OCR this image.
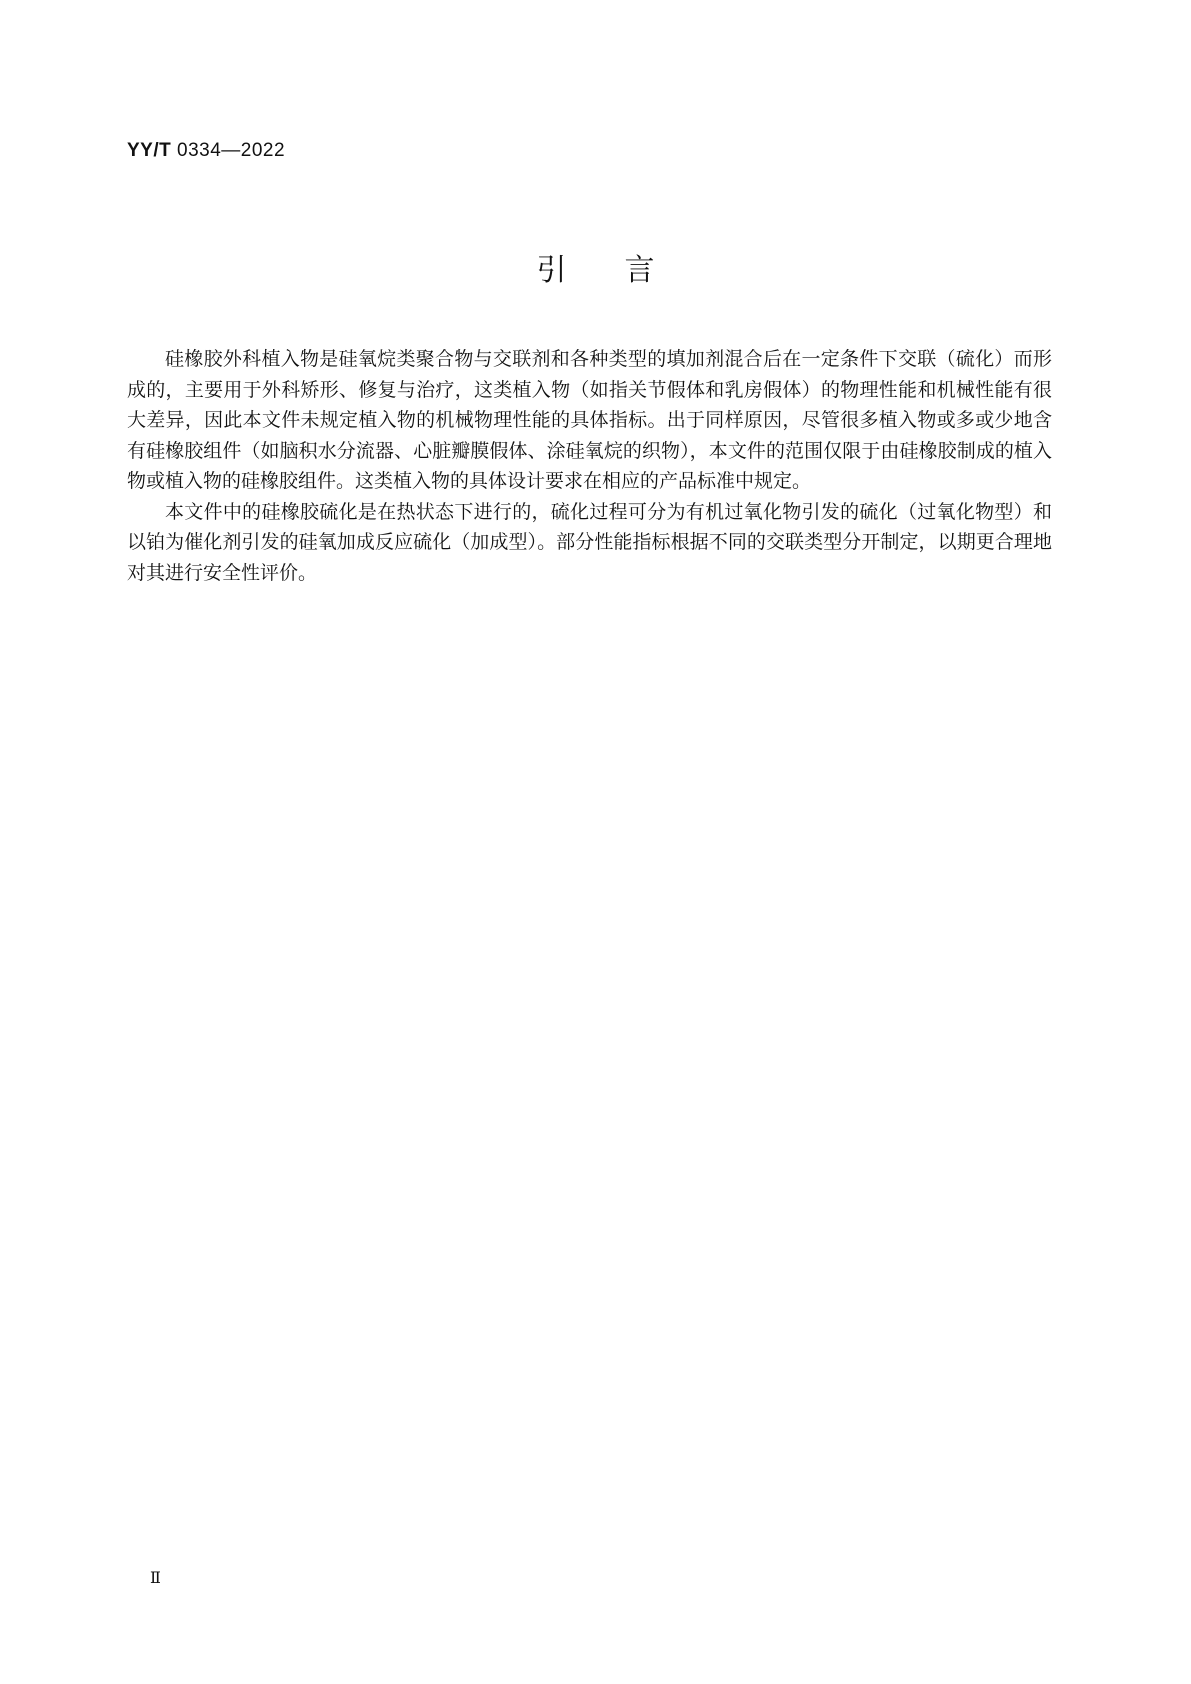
YY/T 0334—2022
引言

硅橡胶外科植入物是硅氧烷类聚合物与交联剂和各种类型的填加剂混合后在一定条件下交联（硫化）而形成的，主要用于外科矫形、修复与治疗，这类植入物（如指关节假体和乳房假体）的物理性能和机械性能有很大差异，因此本文件未规定植入物的机械物理性能的具体指标。出于同样原因，尽管很多植入物或多或少地含有硅橡胶组件（如脑积水分流器、心脏瓣膜假体、涂硅氧烷的织物），本文件的范围仅限于由硅橡胶制成的植入物或植入物的硅橡胶组件。这类植入物的具体设计要求在相应的产品标准中规定。

本文件中的硅橡胶硫化是在热状态下进行的，硫化过程可分为有机过氧化物引发的硫化（过氧化物型）和以铂为催化剂引发的硅氧加成反应硫化（加成型）。部分性能指标根据不同的交联类型分开制定，以期更合理地对其进行安全性评价。

Ⅱ
